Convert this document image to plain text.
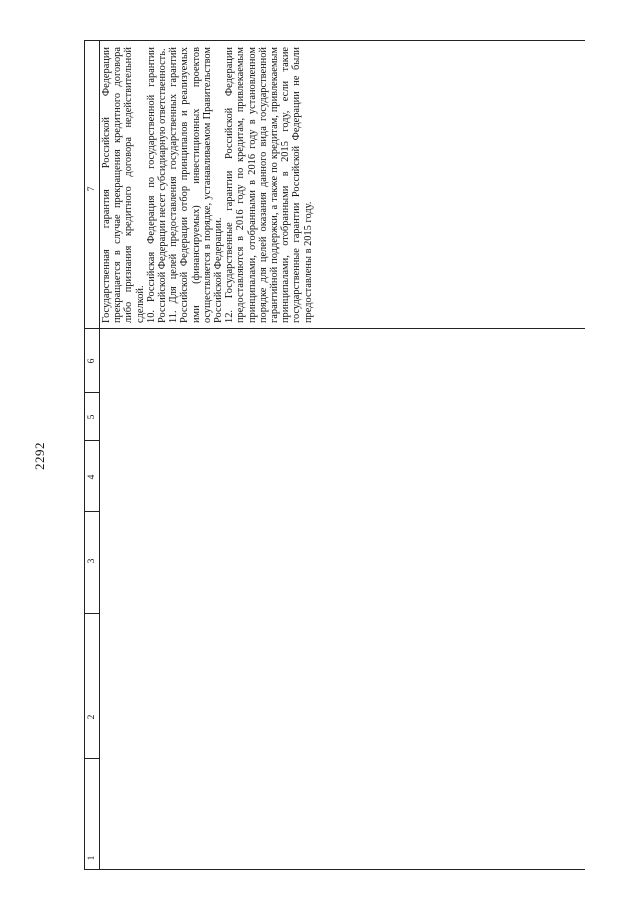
2292
1
2
3
4
5
6
7 Государственная гарантия Российской Федерации прекращается в случае прекращения кредитного договора либо признания кредитного договора недействительной сделкой. 10. Российская Федерация по государственной гарантии Российской Федерации несет субсидиарную ответственность. 11. Для целей предоставления государственных гарантий Российской Федерации отбор принципалов и реализуемых ими (финансируемых) инвестиционных проектов осуществляется в порядке, устанавливаемом Правительством Российской Федерации. 12. Государственные гарантии Российской Федерации предоставляются в 2016 году по кредитам, привлекаемым принципалами, отобранными в 2016 году в установленном порядке для целей оказания данного вида государственной гарантийной поддержки, а также по кредитам, привлекаемым принципалами, отобранными в 2015 году, если такие государственные гарантии Российской Федерации не были предоставлены в 2015 году.
